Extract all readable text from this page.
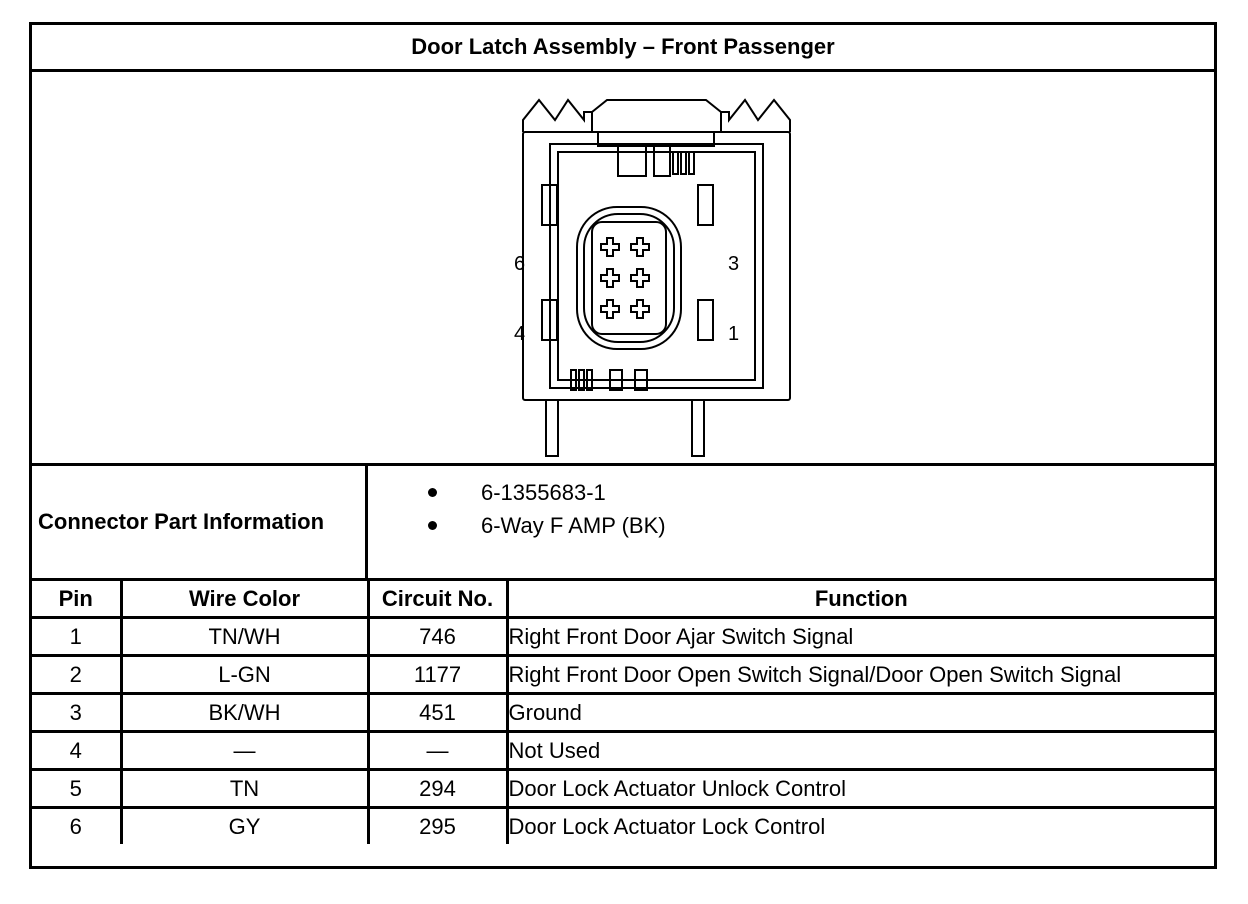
Door Latch Assembly – Front Passenger
6	3
4	1
Connector Part Information
6-1355683-1
6-Way F AMP (BK)
Pin	Wire Color	Circuit No.	Function
1	TN/WH	746	Right Front Door Ajar Switch Signal
2	L-GN	1177	Right Front Door Open Switch Signal/Door Open Switch Signal
3	BK/WH	451	Ground
4	—	—	Not Used
5	TN	294	Door Lock Actuator Unlock Control
6	GY	295	Door Lock Actuator Lock Control
